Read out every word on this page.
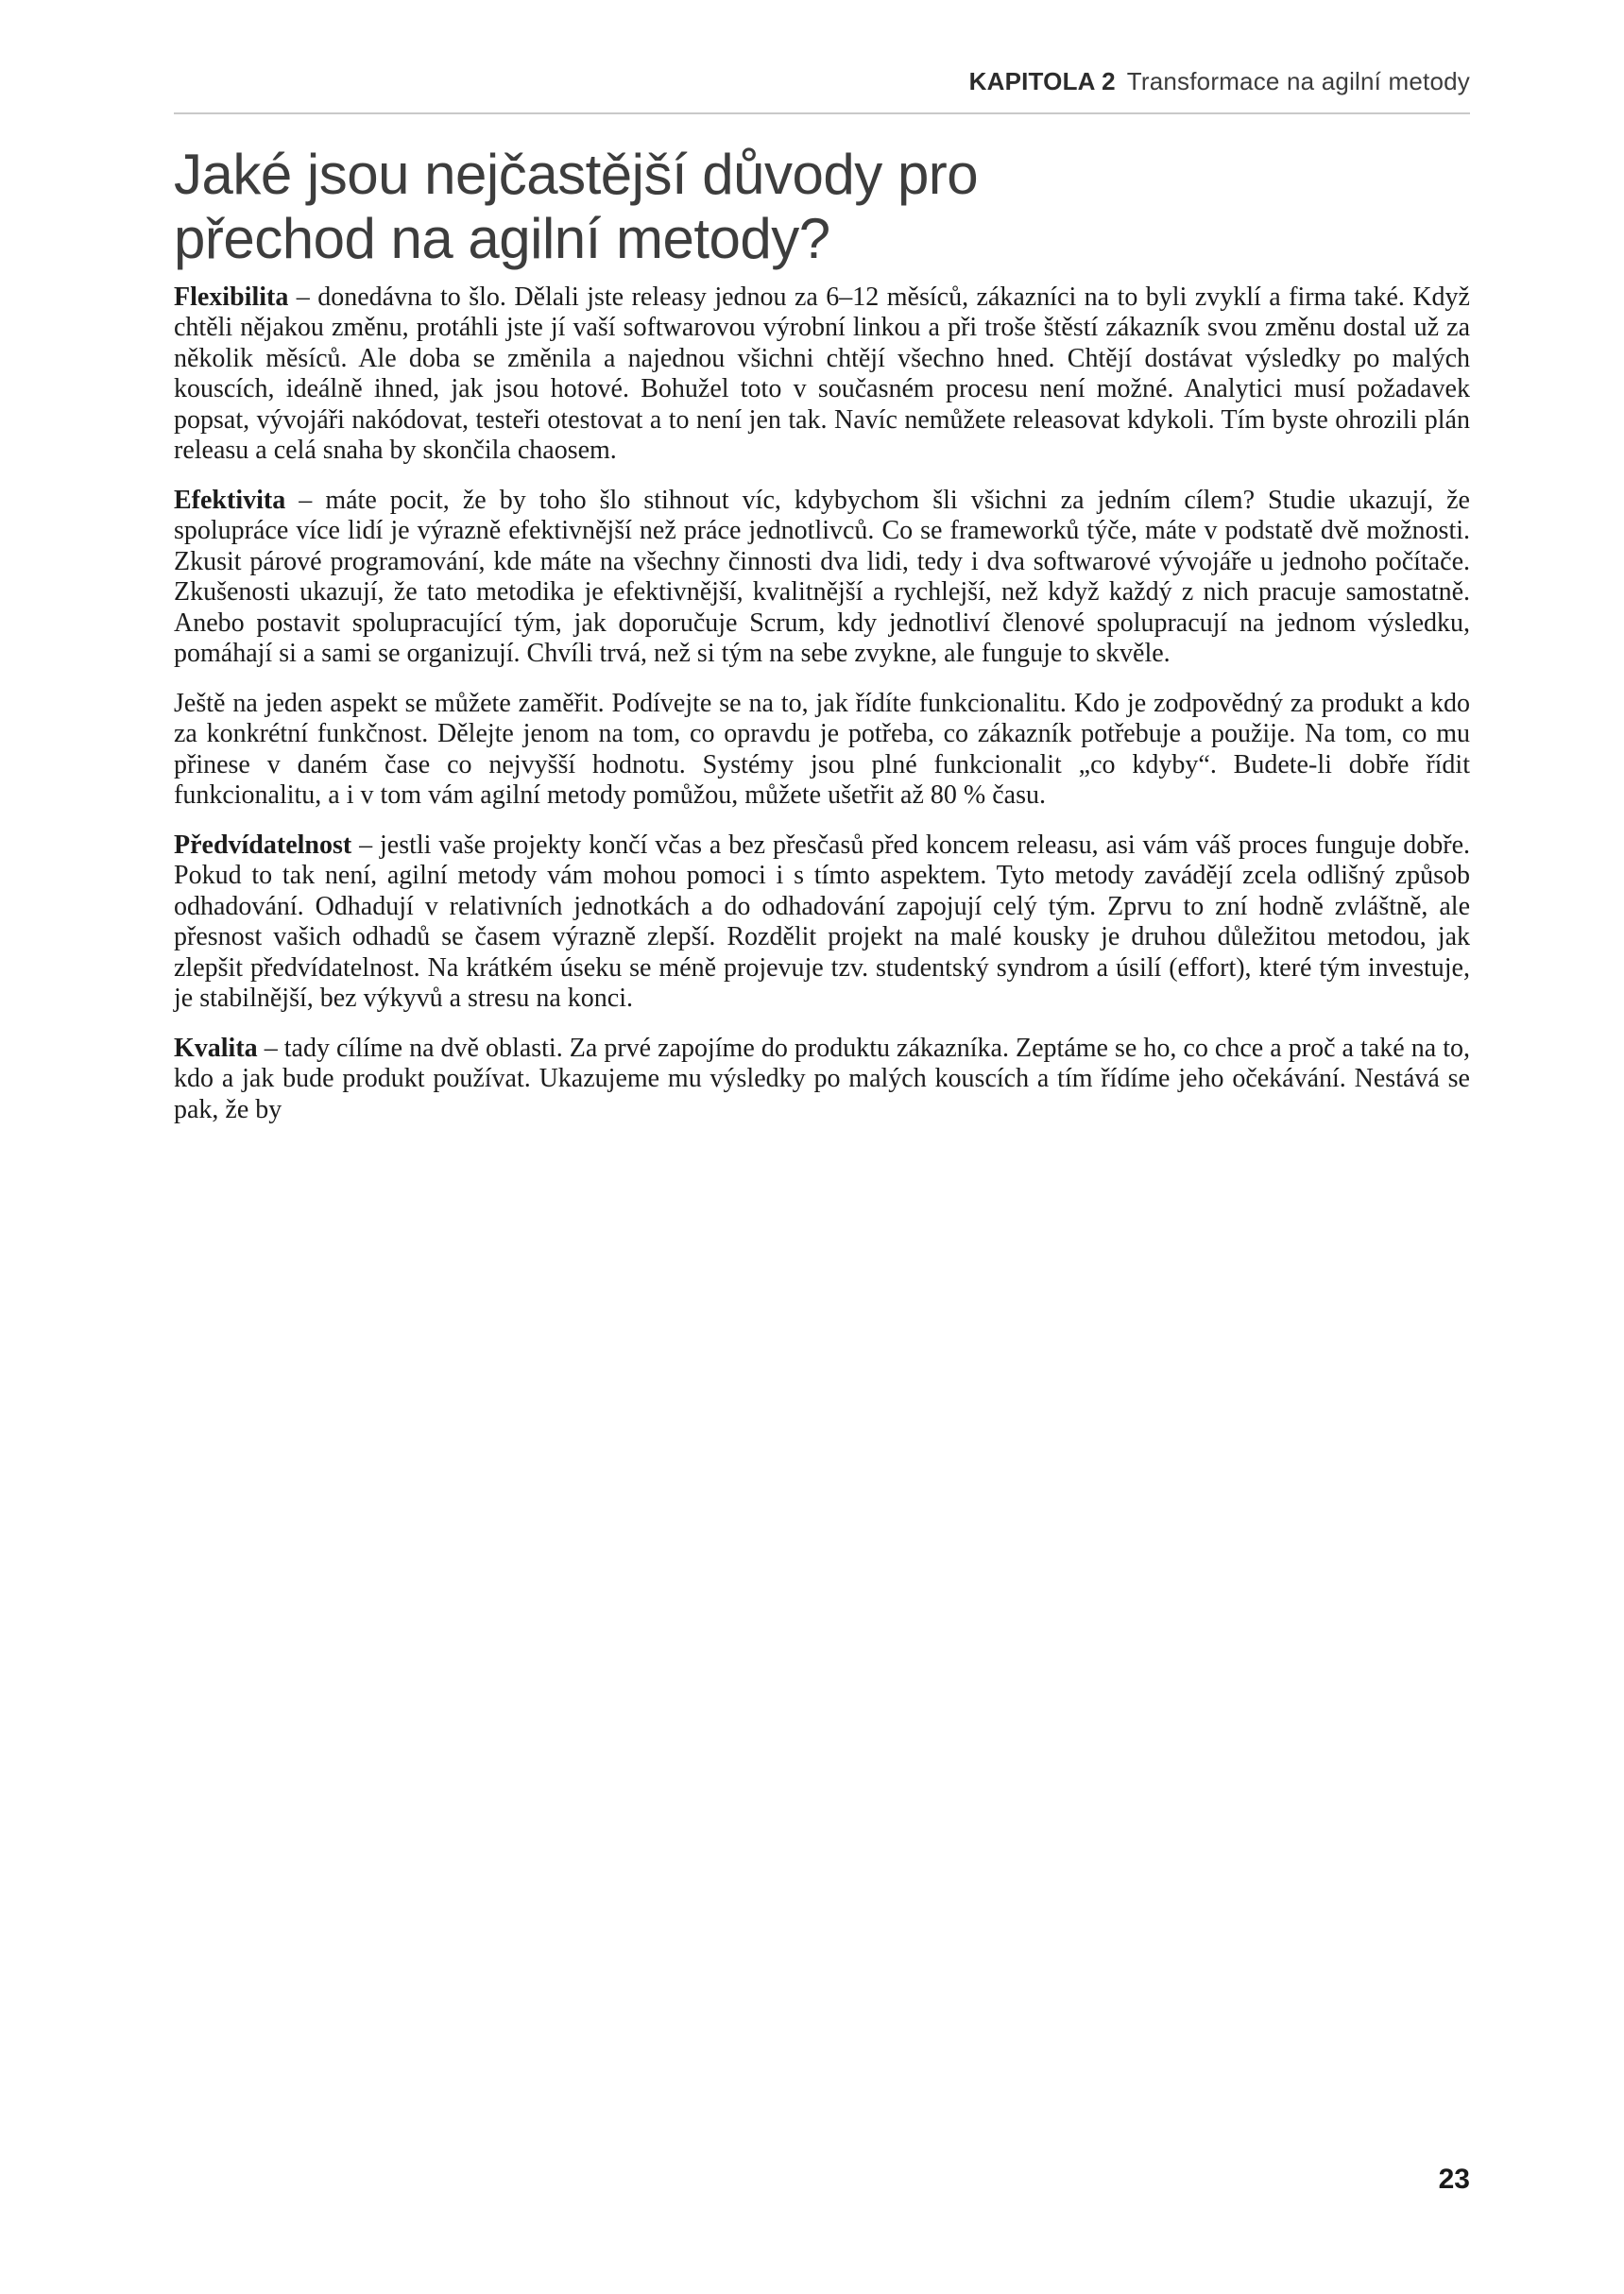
KAPITOLA 2 Transformace na agilní metody
Jaké jsou nejčastější důvody pro
přechod na agilní metody?

Flexibilita – donedávna to šlo. Dělali jste releasy jednou za 6–12 měsíců, zákazníci na to byli zvyklí a firma také. Když chtěli nějakou změnu, protáhli jste jí vaší softwarovou výrobní linkou a při troše štěstí zákazník svou změnu dostal už za několik měsíců. Ale doba se změnila a najednou všichni chtějí všechno hned. Chtějí dostávat výsledky po malých kouscích, ideálně ihned, jak jsou hotové. Bohužel toto v současném procesu není možné. Analytici musí požadavek popsat, vývojáři nakódovat, testeři otestovat a to není jen tak. Navíc nemůžete releasovat kdykoli. Tím byste ohrozili plán releasu a celá snaha by skončila chaosem.

Efektivita – máte pocit, že by toho šlo stihnout víc, kdybychom šli všichni za jedním cílem? Studie ukazují, že spolupráce více lidí je výrazně efektivnější než práce jednotlivců. Co se frameworků týče, máte v podstatě dvě možnosti. Zkusit párové programování, kde máte na všechny činnosti dva lidi, tedy i dva softwarové vývojáře u jednoho počítače. Zkušenosti ukazují, že tato metodika je efektivnější, kvalitnější a rychlejší, než když každý z nich pracuje samostatně. Anebo postavit spolupracující tým, jak doporučuje Scrum, kdy jednotliví členové spolupracují na jednom výsledku, pomáhají si a sami se organizují. Chvíli trvá, než si tým na sebe zvykne, ale funguje to skvěle.

Ještě na jeden aspekt se můžete zaměřit. Podívejte se na to, jak řídíte funkcionalitu. Kdo je zodpovědný za produkt a kdo za konkrétní funkčnost. Dělejte jenom na tom, co opravdu je potřeba, co zákazník potřebuje a použije. Na tom, co mu přinese v daném čase co nejvyšší hodnotu. Systémy jsou plné funkcionalit „co kdyby“. Budete-li dobře řídit funkcionalitu, a i v tom vám agilní metody pomůžou, můžete ušetřit až 80 % času.

Předvídatelnost – jestli vaše projekty končí včas a bez přesčasů před koncem releasu, asi vám váš proces funguje dobře. Pokud to tak není, agilní metody vám mohou pomoci i s tímto aspektem. Tyto metody zavádějí zcela odlišný způsob odhadování. Odhadují v relativních jednotkách a do odhadování zapojují celý tým. Zprvu to zní hodně zvláštně, ale přesnost vašich odhadů se časem výrazně zlepší. Rozdělit projekt na malé kousky je druhou důležitou metodou, jak zlepšit předvídatelnost. Na krátkém úseku se méně projevuje tzv. studentský syndrom a úsilí (effort), které tým investuje, je stabilnější, bez výkyvů a stresu na konci.

Kvalita – tady cílíme na dvě oblasti. Za prvé zapojíme do produktu zákazníka. Zeptáme se ho, co chce a proč a také na to, kdo a jak bude produkt používat. Ukazujeme mu výsledky po malých kouscích a tím řídíme jeho očekávání. Nestává se pak, že by

23
